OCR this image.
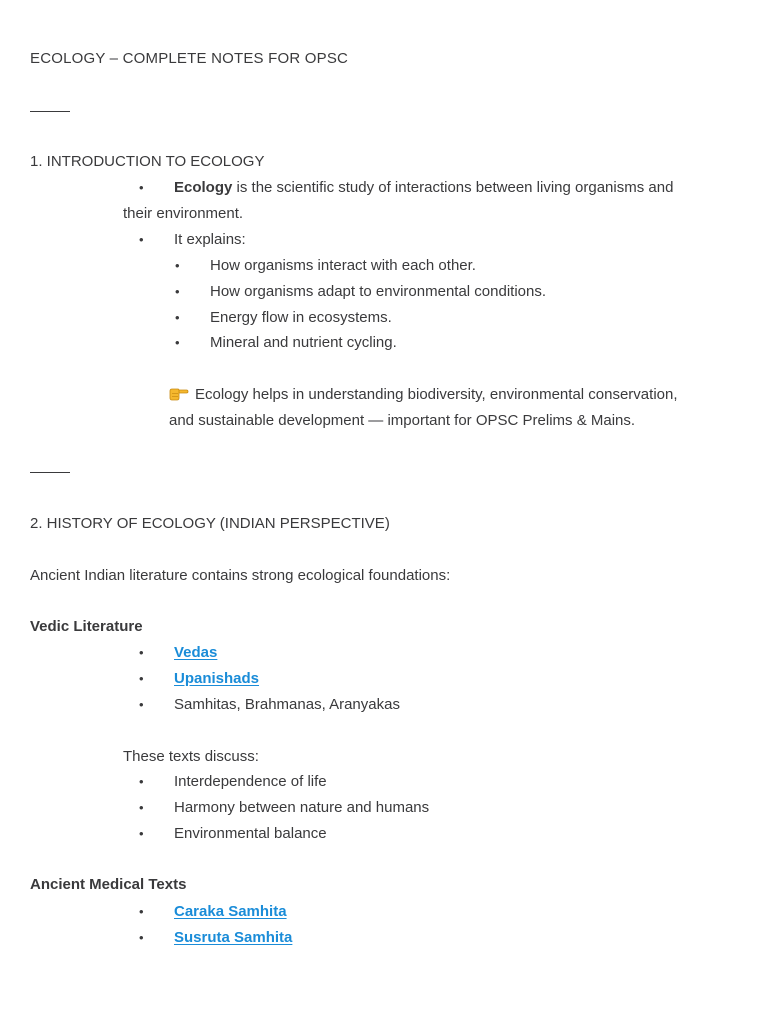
ECOLOGY – COMPLETE NOTES FOR OPSC
1. INTRODUCTION TO ECOLOGY
• Ecology is the scientific study of interactions between living organisms and
their environment.
• It explains:
• How organisms interact with each other.
• How organisms adapt to environmental conditions.
• Energy flow in ecosystems.
• Mineral and nutrient cycling.
Ecology helps in understanding biodiversity, environmental conservation,
and sustainable development — important for OPSC Prelims & Mains.
2. HISTORY OF ECOLOGY (INDIAN PERSPECTIVE)
Ancient Indian literature contains strong ecological foundations:
Vedic Literature
• Vedas
• Upanishads
• Samhitas, Brahmanas, Aranyakas
These texts discuss:
• Interdependence of life
• Harmony between nature and humans
• Environmental balance
Ancient Medical Texts
• Caraka Samhita
• Susruta Samhita
